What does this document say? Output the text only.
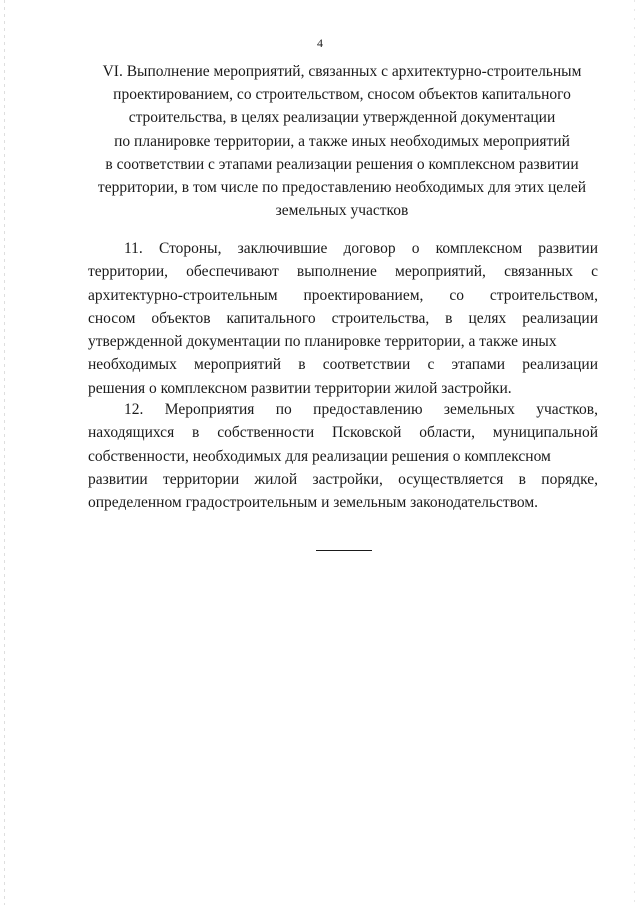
4
VI. Выполнение мероприятий, связанных с архитектурно-строительным
проектированием, со строительством, сносом объектов капитального
строительства, в целях реализации утвержденной документации
по планировке территории, а также иных необходимых мероприятий
в соответствии с этапами реализации решения о комплексном развитии
территории, в том числе по предоставлению необходимых для этих целей
земельных участков
11. Стороны, заключившие договор о комплексном развитии
территории, обеспечивают выполнение мероприятий, связанных с
архитектурно-строительным проектированием, со строительством,
сносом объектов капитального строительства, в целях реализации
утвержденной документации по планировке территории, а также иных
необходимых мероприятий в соответствии с этапами реализации
решения о комплексном развитии территории жилой застройки.
12. Мероприятия по предоставлению земельных участков,
находящихся в собственности Псковской области, муниципальной
собственности, необходимых для реализации решения о комплексном
развитии территории жилой застройки, осуществляется в порядке,
определенном градостроительным и земельным законодательством.
